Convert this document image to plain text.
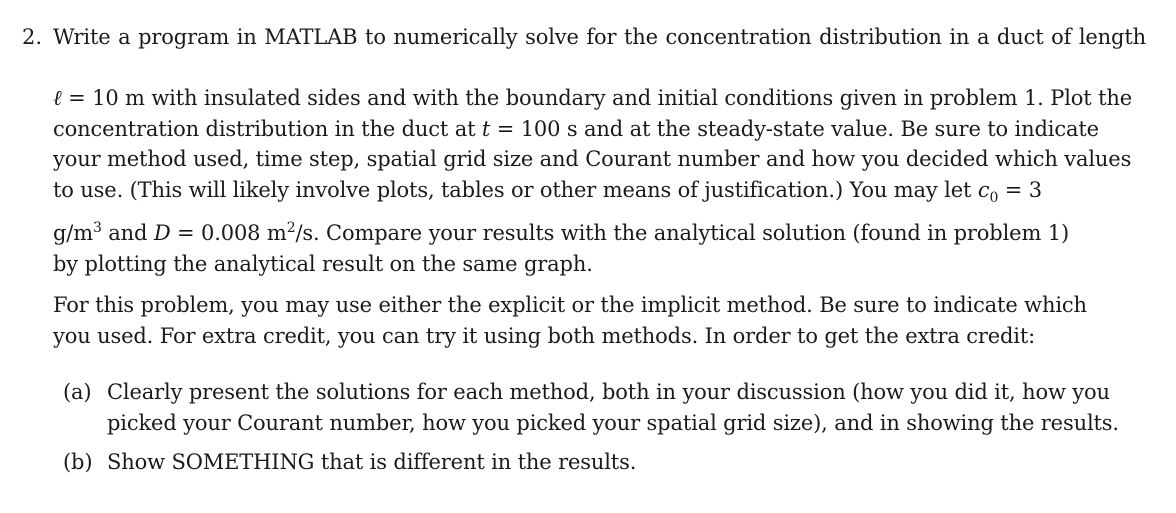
2. Write a program in MATLAB to numerically solve for the concentration distribution in a duct of length
ℓ = 10 m with insulated sides and with the boundary and initial conditions given in problem 1. Plot the
concentration distribution in the duct at t = 100 s and at the steady-state value. Be sure to indicate
your method used, time step, spatial grid size and Courant number and how you decided which values
to use. (This will likely involve plots, tables or other means of justification.) You may let $c_0 = 3$
$g/m^3$ and D = 0.008 $m^2/s$. Compare your results with the analytical solution (found in problem 1)
by plotting the analytical result on the same graph.

For this problem, you may use either the explicit or the implicit method. Be sure to indicate which
you used. For extra credit, you can try it using both methods. In order to get the extra credit:

(a) Clearly present the solutions for each method, both in your discussion (how you did it, how you
picked your Courant number, how you picked your spatial grid size), and in showing the results.
(b) Show SOMETHING that is different in the results.
